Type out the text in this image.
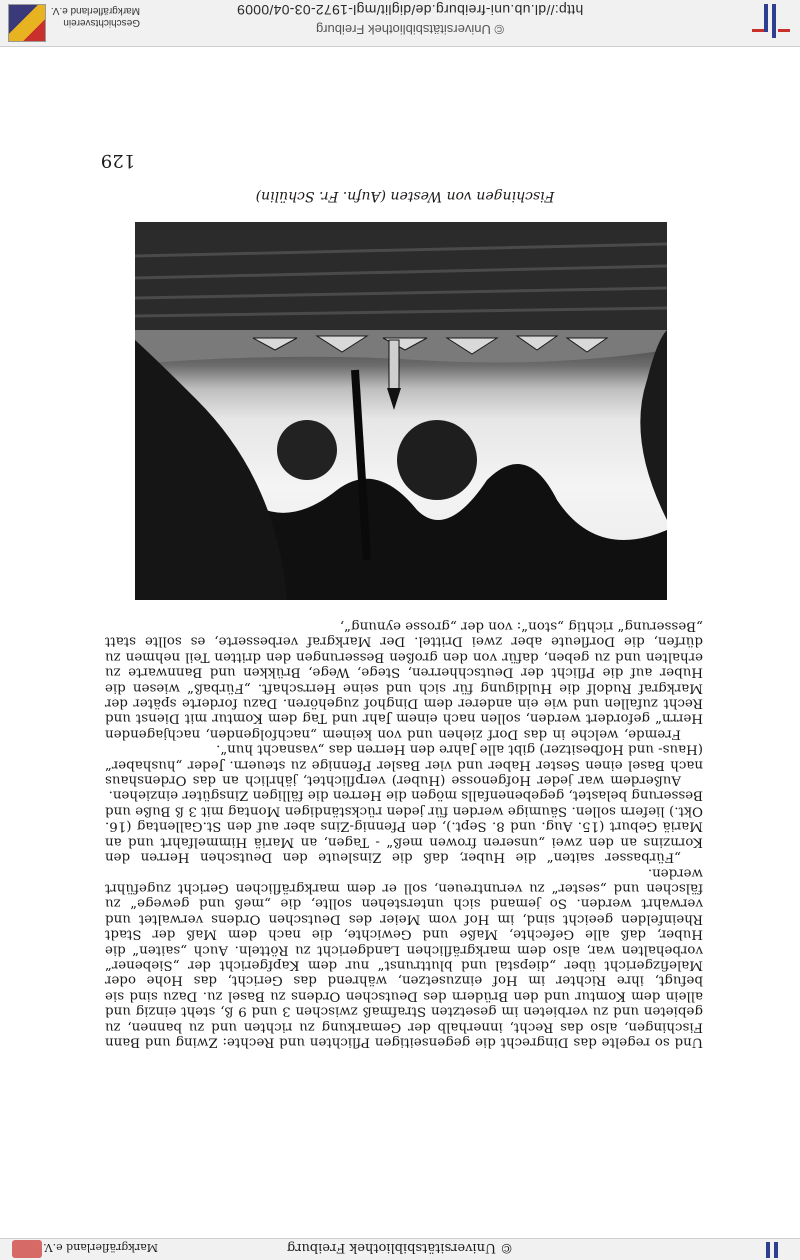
Geschichtsverein
Markgräflerland e.V.	http://dl.ub.uni-freiburg.de/diglit/mgl-1972-03-04/0009
© Universitätsbibliothek Freiburg
129
Fischingen von Westen (Aufn. Fr. Schülin)

Und so regelte das Dingrecht die gegenseitigen Pflichten und Rechte: Zwing und Bann Fischingen, also das Recht, innerhalb der Gemarkung zu richten und zu bannen, zu gebieten und zu verbieten im gesetzten Strafmaß zwischen 3 und 9 ß, steht einzig und allein dem Komtur und den Brüdern des Deutschen Ordens zu Basel zu. Dazu sind sie befugt, ihre Richter im Hof einzusetzen, während das Gericht, das Hohe oder Malefizgericht über „diepstal und bluttrunst“ nur dem Kapfgericht der „Siebener“ vorbehalten war, also dem markgräflichen Landgericht zu Rötteln. Auch „saiten“ die Huber, daß alle Gefechte, Maße und Gewichte, die nach dem Maß der Stadt Rheinfelden geeicht sind, im Hof vom Meier des Deutschen Ordens verwaltet und verwahrt werden. So jemand sich unterstehen sollte, die „meß und gewege“ zu fälschen und „sester“ zu veruntreuen, soll er dem markgräflichen Gericht zugeführt werden.

„Fürbasser saiten“ die Huber, daß die Zinsleute den Deutschen Herren den Kornzins an den zwei „unseren frowen meß“ - Tagen, an Mariä Himmelfahrt und an Mariä Geburt (15. Aug. und 8. Sept.), den Pfennig-Zins aber auf den St.Gallentag (16. Okt.) liefern sollen. Säumige werden für jeden rückständigen Montag mit 3 ß Buße und Besserung belastet, gegebenenfalls mögen die Herren die fälligen Zinsgüter einziehen.

Außerdem war jeder Hofgenosse (Huber) verpflichtet, jährlich an das Ordenshaus nach Basel einen Sester Haber und vier Basler Pfennige zu steuern. Jeder „hushaber“ (Haus- und Hofbesitzer) gibt alle Jahre den Herren das „vasnacht hun“.

Fremde, welche in das Dorf ziehen und von keinem „nachfolgenden, nachjagenden Herrn“ gefordert werden, sollen nach einem Jahr und Tag dem Komtur mit Dienst und Recht zufallen und wie ein anderer dem Dinghof zugehören. Dazu forderte später der Markgraf Rudolf die Huldigung für sich und seine Herrschaft. „Fürbaß“ wiesen die Huber auf die Pflicht der Deutschherren, Stege, Wege, Brükken und Bannwarte zu erhalten und zu geben, dafür von den großen Besserungen den dritten Teil nehmen zu dürfen, die Dorfleute aber zwei Drittel. Der Markgraf verbesserte, es sollte statt „Besserung“ richtig „ston“: von der „grosse eynung“,

Markgräflerland e.V.	© Universitätsbibliothek Freiburg
